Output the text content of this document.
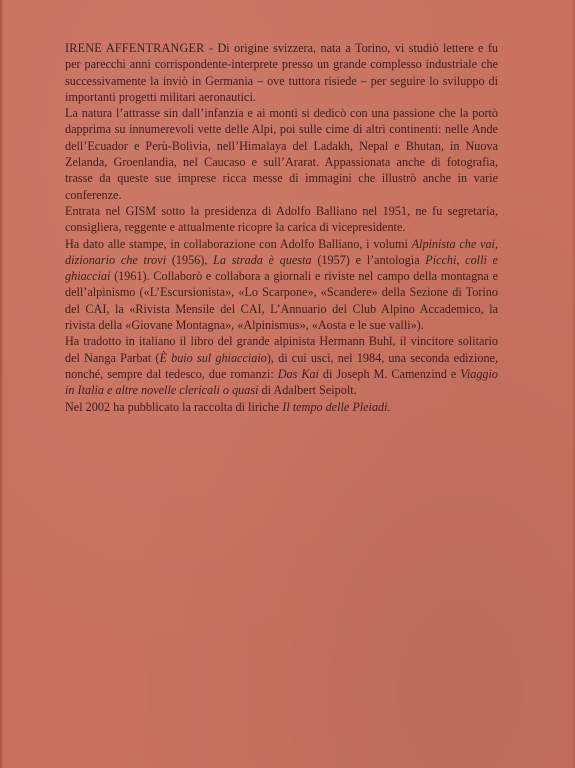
IRENE AFFENTRANGER - Di origine svizzera, nata a Torino, vi studiò lettere e fu per parecchi anni corrispondente-interprete presso un grande complesso industriale che successivamente la inviò in Germania – ove tuttora risiede – per seguire lo sviluppo di importanti progetti militari aeronautici.

La natura l’attrasse sin dall’infanzia e ai monti si dedicò con una passione che la portò dapprima su innumerevoli vette delle Alpi, poi sulle cime di altri continenti: nelle Ande dell’Ecuador e Perù-Bolivia, nell’Himalaya del Ladakh, Nepal e Bhutan, in Nuova Zelanda, Groenlandia, nel Caucaso e sull’Ararat. Appassionata anche di fotografia, trasse da queste sue imprese ricca messe di immagini che illustrò anche in varie conferenze.

Entrata nel GISM sotto la presidenza di Adolfo Balliano nel 1951, ne fu segretaria, consigliera, reggente e attualmente ricopre la carica di vicepresidente.

Ha dato alle stampe, in collaborazione con Adolfo Balliano, i volumi Alpinista che vai, dizionario che trovi (1956), La strada è questa (1957) e l’antologia Picchi, colli e ghiacciai (1961). Collaborò e collabora a giornali e riviste nel campo della montagna e dell’alpinismo («L’Escursionista», «Lo Scarpone», «Scandere» della Sezione di Torino del CAI, la «Rivista Mensile del CAI, L’Annuario del Club Alpino Accademico, la rivista della «Giovane Montagna», «Alpinismus», «Aosta e le sue valli»).

Ha tradotto in italiano il libro del grande alpinista Hermann Buhl, il vincitore solitario del Nanga Parbat (È buio sul ghiacciaio), di cui uscì, nel 1984, una seconda edizione, nonché, sempre dal tedesco, due romanzi: Das Kai di Joseph M. Camenzind e Viaggio in Italia e altre novelle clericali o quasi di Adalbert Seipolt.

Nel 2002 ha pubblicato la raccolta di liriche Il tempo delle Pleiadi.
